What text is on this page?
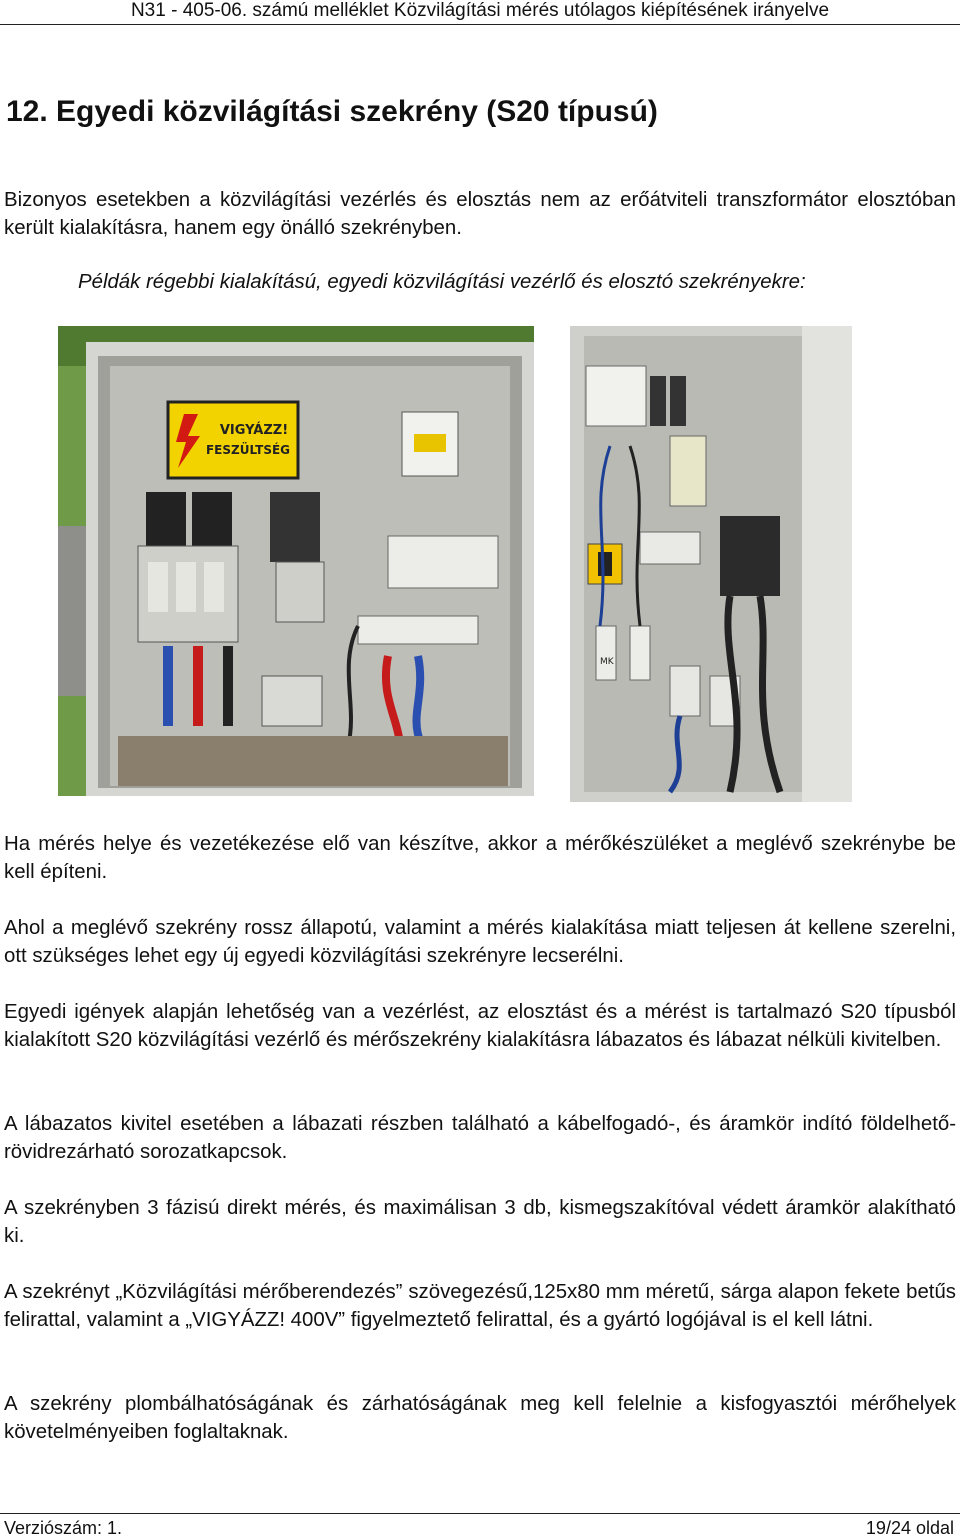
N31 - 405-06. számú melléklet Közvilágítási mérés utólagos kiépítésének irányelve
12. Egyedi közvilágítási szekrény (S20 típusú)

Bizonyos esetekben a közvilágítási vezérlés és elosztás nem az erőátviteli transzformátor elosztóban került kialakításra, hanem egy önálló szekrényben.

Példák régebbi kialakítású, egyedi közvilágítási vezérlő és elosztó szekrényekre:

VIGYÁZZ!
FESZÜLTSÉG
MK

Ha mérés helye és vezetékezése elő van készítve, akkor a mérőkészüléket a meglévő szekrénybe be kell építeni.

Ahol a meglévő szekrény rossz állapotú, valamint a mérés kialakítása miatt teljesen át kellene szerelni, ott szükséges lehet egy új egyedi közvilágítási szekrényre lecserélni.

Egyedi igények alapján lehetőség van a vezérlést, az elosztást és a mérést is tartalmazó S20 típusból kialakított S20 közvilágítási vezérlő és mérőszekrény kialakításra lábazatos és lábazat nélküli kivitelben.

A lábazatos kivitel esetében a lábazati részben található a kábelfogadó-, és áramkör indító földelhető-rövidrezárható sorozatkapcsok.

A szekrényben 3 fázisú direkt mérés, és maximálisan 3 db, kismegszakítóval védett áramkör alakítható ki.

A szekrényt „Közvilágítási mérőberendezés” szövegezésű,125x80 mm méretű, sárga alapon fekete betűs felirattal, valamint a „VIGYÁZZ! 400V” figyelmeztető felirattal, és a gyártó logójával is el kell látni.

A szekrény plombálhatóságának és zárhatóságának meg kell felelnie a kisfogyasztói mérőhelyek követelményeiben foglaltaknak.

Verziószám: 1.	19/24 oldal
